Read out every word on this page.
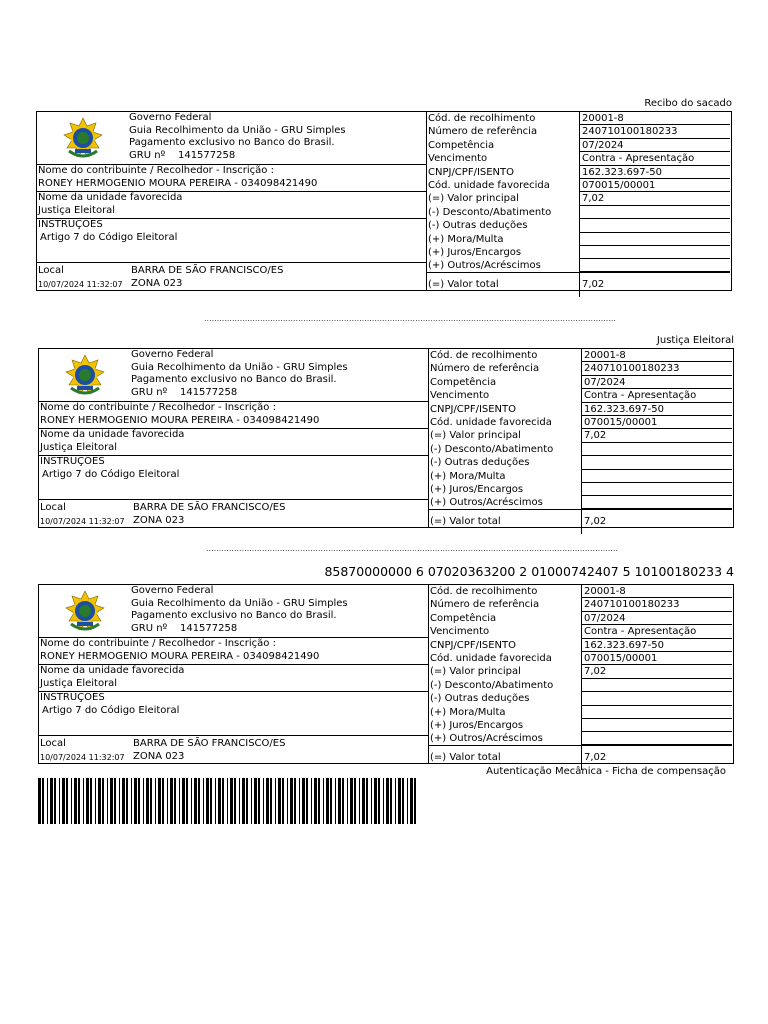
Recibo do sacado
Governo Federal
Guia Recolhimento da União - GRU Simples
Pagamento exclusivo no Banco do Brasil.
GRU nº 141577258
Nome do contribuinte / Recolhedor - Inscrição :
RONEY HERMOGENIO MOURA PEREIRA - 034098421490
Nome da unidade favorecida
Justiça Eleitoral
INSTRUÇÕES
Artigo 7 do Código Eleitoral
Local	BARRA DE SÃO FRANCISCO/ES
10/07/2024 11:32:07 ZONA 023
Cód. de recolhimento	20001-8
Número de referência	240710100180233
Competência	07/2024
Vencimento	Contra - Apresentação
CNPJ/CPF/ISENTO	162.323.697-50
Cód. unidade favorecida	070015/00001
(=) Valor principal	7,02
(-) Desconto/Abatimento
(-) Outras deduções
(+) Mora/Multa
(+) Juros/Encargos
(+) Outros/Acréscimos
(=) Valor total	7,02
..................................................................................................................................................................
Justiça Eleitoral
Governo Federal
Guia Recolhimento da União - GRU Simples
Pagamento exclusivo no Banco do Brasil.
GRU nº 141577258
Nome do contribuinte / Recolhedor - Inscrição :
RONEY HERMOGENIO MOURA PEREIRA - 034098421490
Nome da unidade favorecida
Justiça Eleitoral
INSTRUÇÕES
Artigo 7 do Código Eleitoral
Local	BARRA DE SÃO FRANCISCO/ES
10/07/2024 11:32:07 ZONA 023
Cód. de recolhimento	20001-8
Número de referência	240710100180233
Competência	07/2024
Vencimento	Contra - Apresentação
CNPJ/CPF/ISENTO	162.323.697-50
Cód. unidade favorecida	070015/00001
(=) Valor principal	7,02
(-) Desconto/Abatimento
(-) Outras deduções
(+) Mora/Multa
(+) Juros/Encargos
(+) Outros/Acréscimos
(=) Valor total	7,02
..................................................................................................................................................................
85870000000 6 07020363200 2 01000742407 5 10100180233 4
Governo Federal
Guia Recolhimento da União - GRU Simples
Pagamento exclusivo no Banco do Brasil.
GRU nº 141577258
Nome do contribuinte / Recolhedor - Inscrição :
RONEY HERMOGENIO MOURA PEREIRA - 034098421490
Nome da unidade favorecida
Justiça Eleitoral
INSTRUÇÕES
Artigo 7 do Código Eleitoral
Local	BARRA DE SÃO FRANCISCO/ES
10/07/2024 11:32:07 ZONA 023
Cód. de recolhimento	20001-8
Número de referência	240710100180233
Competência	07/2024
Vencimento	Contra - Apresentação
CNPJ/CPF/ISENTO	162.323.697-50
Cód. unidade favorecida	070015/00001
(=) Valor principal	7,02
(-) Desconto/Abatimento
(-) Outras deduções
(+) Mora/Multa
(+) Juros/Encargos
(+) Outros/Acréscimos
(=) Valor total	7,02
Autenticação Mecânica - Ficha de compensação
